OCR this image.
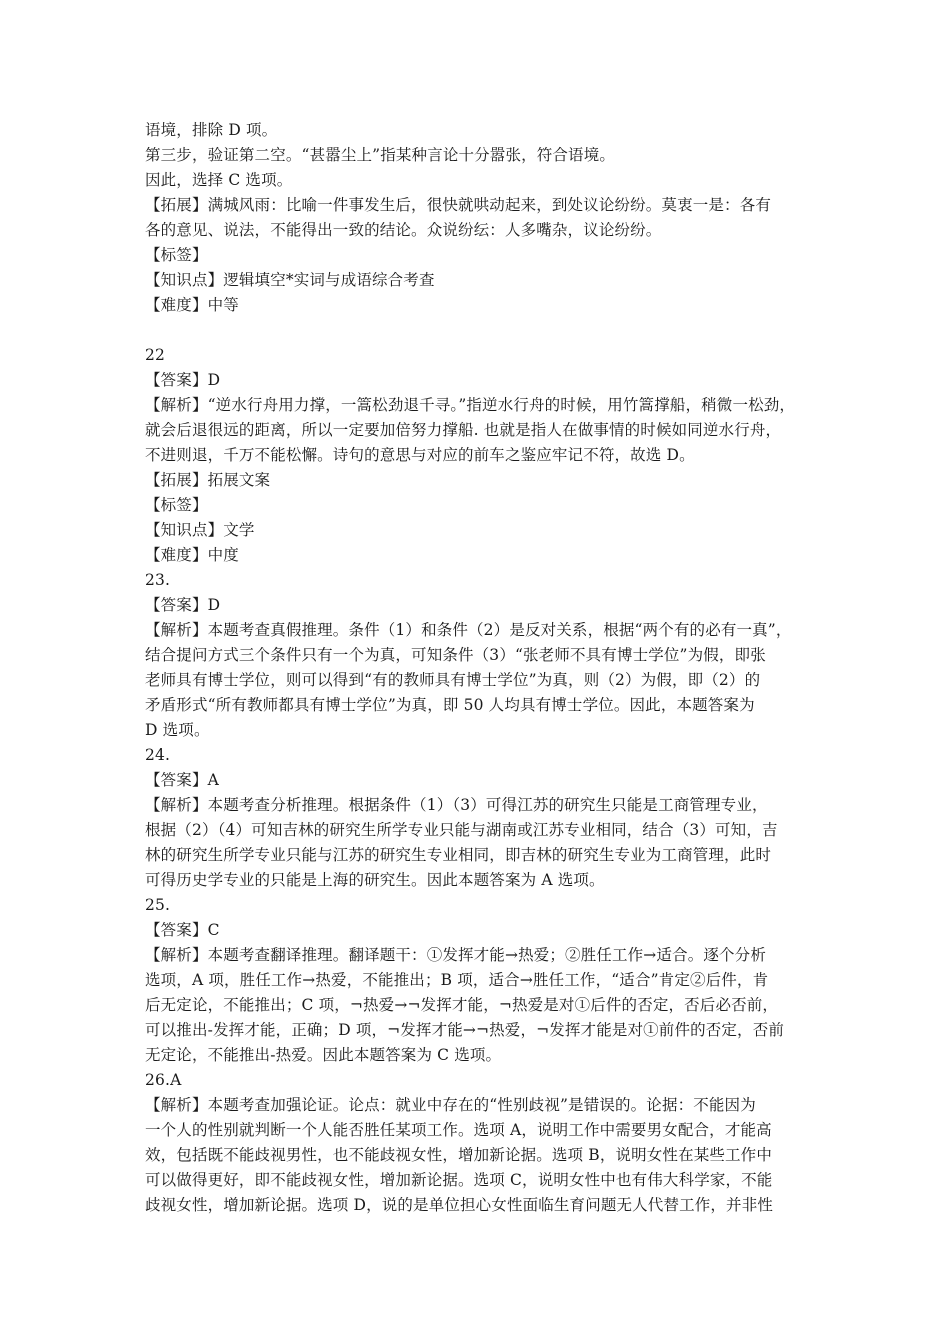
语境，排除 D 项。
第三步，验证第二空。“甚嚣尘上”指某种言论十分嚣张，符合语境。
因此，选择 C 选项。
【拓展】满城风雨：比喻一件事发生后，很快就哄动起来，到处议论纷纷。莫衷一是：各有
各的意见、说法，不能得出一致的结论。众说纷纭：人多嘴杂，议论纷纷。
【标签】
【知识点】逻辑填空*实词与成语综合考查
【难度】中等
22
【答案】D
【解析】“逆水行舟用力撑，一篙松劲退千寻。”指逆水行舟的时候，用竹篙撑船，稍微一松劲，
就会后退很远的距离，所以一定要加倍努力撑船. 也就是指人在做事情的时候如同逆水行舟，
不进则退，千万不能松懈。诗句的意思与对应的前车之鉴应牢记不符，故选 D。
【拓展】拓展文案
【标签】
【知识点】文学
【难度】中度
23.
【答案】D
【解析】本题考查真假推理。条件（1）和条件（2）是反对关系，根据“两个有的必有一真”，
结合提问方式三个条件只有一个为真，可知条件（3）“张老师不具有博士学位”为假，即张
老师具有博士学位，则可以得到“有的教师具有博士学位”为真，则（2）为假，即（2）的
矛盾形式“所有教师都具有博士学位”为真，即 50 人均具有博士学位。因此，本题答案为
D 选项。
24.
【答案】A
【解析】本题考查分析推理。根据条件（1）（3）可得江苏的研究生只能是工商管理专业，
根据（2）（4）可知吉林的研究生所学专业只能与湖南或江苏专业相同，结合（3）可知，吉
林的研究生所学专业只能与江苏的研究生专业相同，即吉林的研究生专业为工商管理，此时
可得历史学专业的只能是上海的研究生。因此本题答案为 A 选项。
25.
【答案】C
【解析】本题考查翻译推理。翻译题干：①发挥才能→热爱；②胜任工作→适合。逐个分析
选项，A 项，胜任工作→热爱，不能推出；B 项，适合→胜任工作，“适合”肯定②后件，肯
后无定论，不能推出；C 项，¬热爱→¬发挥才能，¬热爱是对①后件的否定，否后必否前，
可以推出-发挥才能，正确；D 项，¬发挥才能→¬热爱，¬发挥才能是对①前件的否定，否前
无定论，不能推出-热爱。因此本题答案为 C 选项。
26.A
【解析】本题考查加强论证。论点：就业中存在的“性别歧视”是错误的。论据：不能因为
一个人的性别就判断一个人能否胜任某项工作。选项 A，说明工作中需要男女配合，才能高
效，包括既不能歧视男性，也不能歧视女性，增加新论据。选项 B，说明女性在某些工作中
可以做得更好，即不能歧视女性，增加新论据。选项 C，说明女性中也有伟大科学家，不能
歧视女性，增加新论据。选项 D，说的是单位担心女性面临生育问题无人代替工作，并非性
